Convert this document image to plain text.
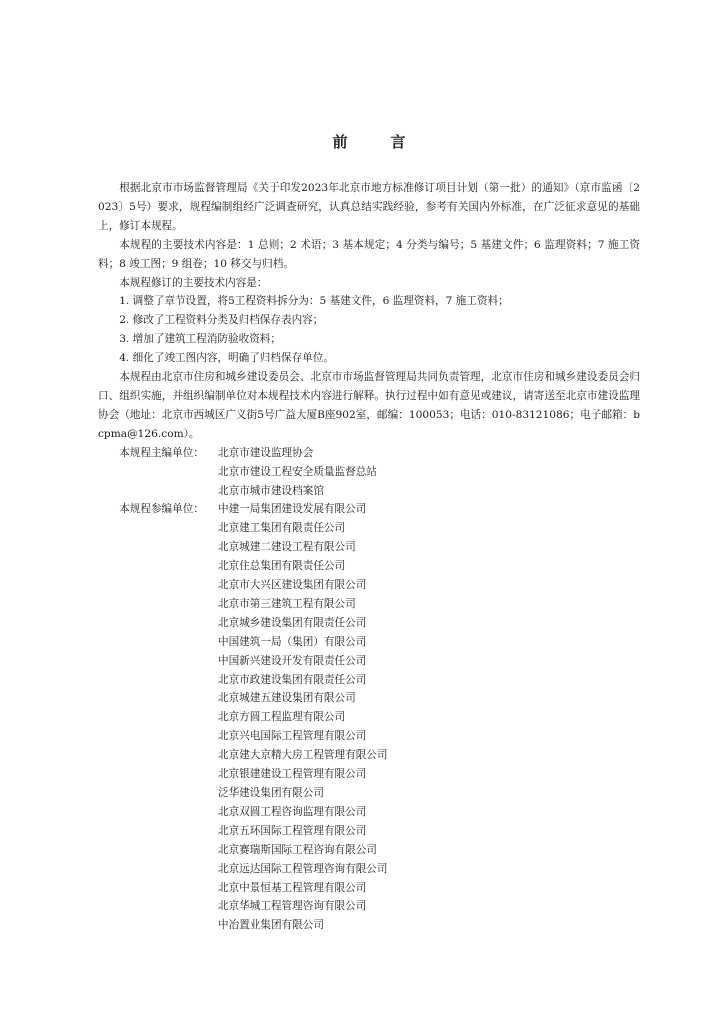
前　言

根据北京市市场监督管理局《关于印发2023年北京市地方标准修订项目计划（第一批）的通知》（京市监函〔2023〕5号）要求，规程编制组经广泛调查研究，认真总结实践经验，参考有关国内外标准，在广泛征求意见的基础上，修订本规程。

本规程的主要技术内容是：1 总则；2 术语；3 基本规定；4 分类与编号；5 基建文件；6 监理资料；7 施工资料；8 竣工图；9 组卷；10 移交与归档。

本规程修订的主要技术内容是：

1. 调整了章节设置，将5工程资料拆分为：5 基建文件，6 监理资料，7 施工资料；

2. 修改了工程资料分类及归档保存表内容；

3. 增加了建筑工程消防验收资料；

4. 细化了竣工图内容，明确了归档保存单位。

本规程由北京市住房和城乡建设委员会、北京市市场监督管理局共同负责管理，北京市住房和城乡建设委员会归口、组织实施，并组织编制单位对本规程技术内容进行解释。执行过程中如有意见或建议，请寄送至北京市建设监理协会（地址：北京市西城区广义街5号广益大厦B座902室，邮编：100053；电话：010-83121086；电子邮箱：bcpma@126.com）。

本规程主编单位：	北京市建设监理协会
北京市建设工程安全质量监督总站
北京市城市建设档案馆
本规程参编单位：	中建一局集团建设发展有限公司
北京建工集团有限责任公司
北京城建二建设工程有限公司
北京住总集团有限责任公司
北京市大兴区建设集团有限公司
北京市第三建筑工程有限公司
北京城乡建设集团有限责任公司
中国建筑一局（集团）有限公司
中国新兴建设开发有限责任公司
北京市政建设集团有限责任公司
北京城建五建设集团有限公司
北京方圆工程监理有限公司
北京兴电国际工程管理有限公司
北京建大京精大房工程管理有限公司
北京银建建设工程管理有限公司
泛华建设集团有限公司
北京双圆工程咨询监理有限公司
北京五环国际工程管理有限公司
北京赛瑞斯国际工程咨询有限公司
北京远达国际工程管理咨询有限公司
北京中景恒基工程管理有限公司
北京华城工程管理咨询有限公司
中冶置业集团有限公司
